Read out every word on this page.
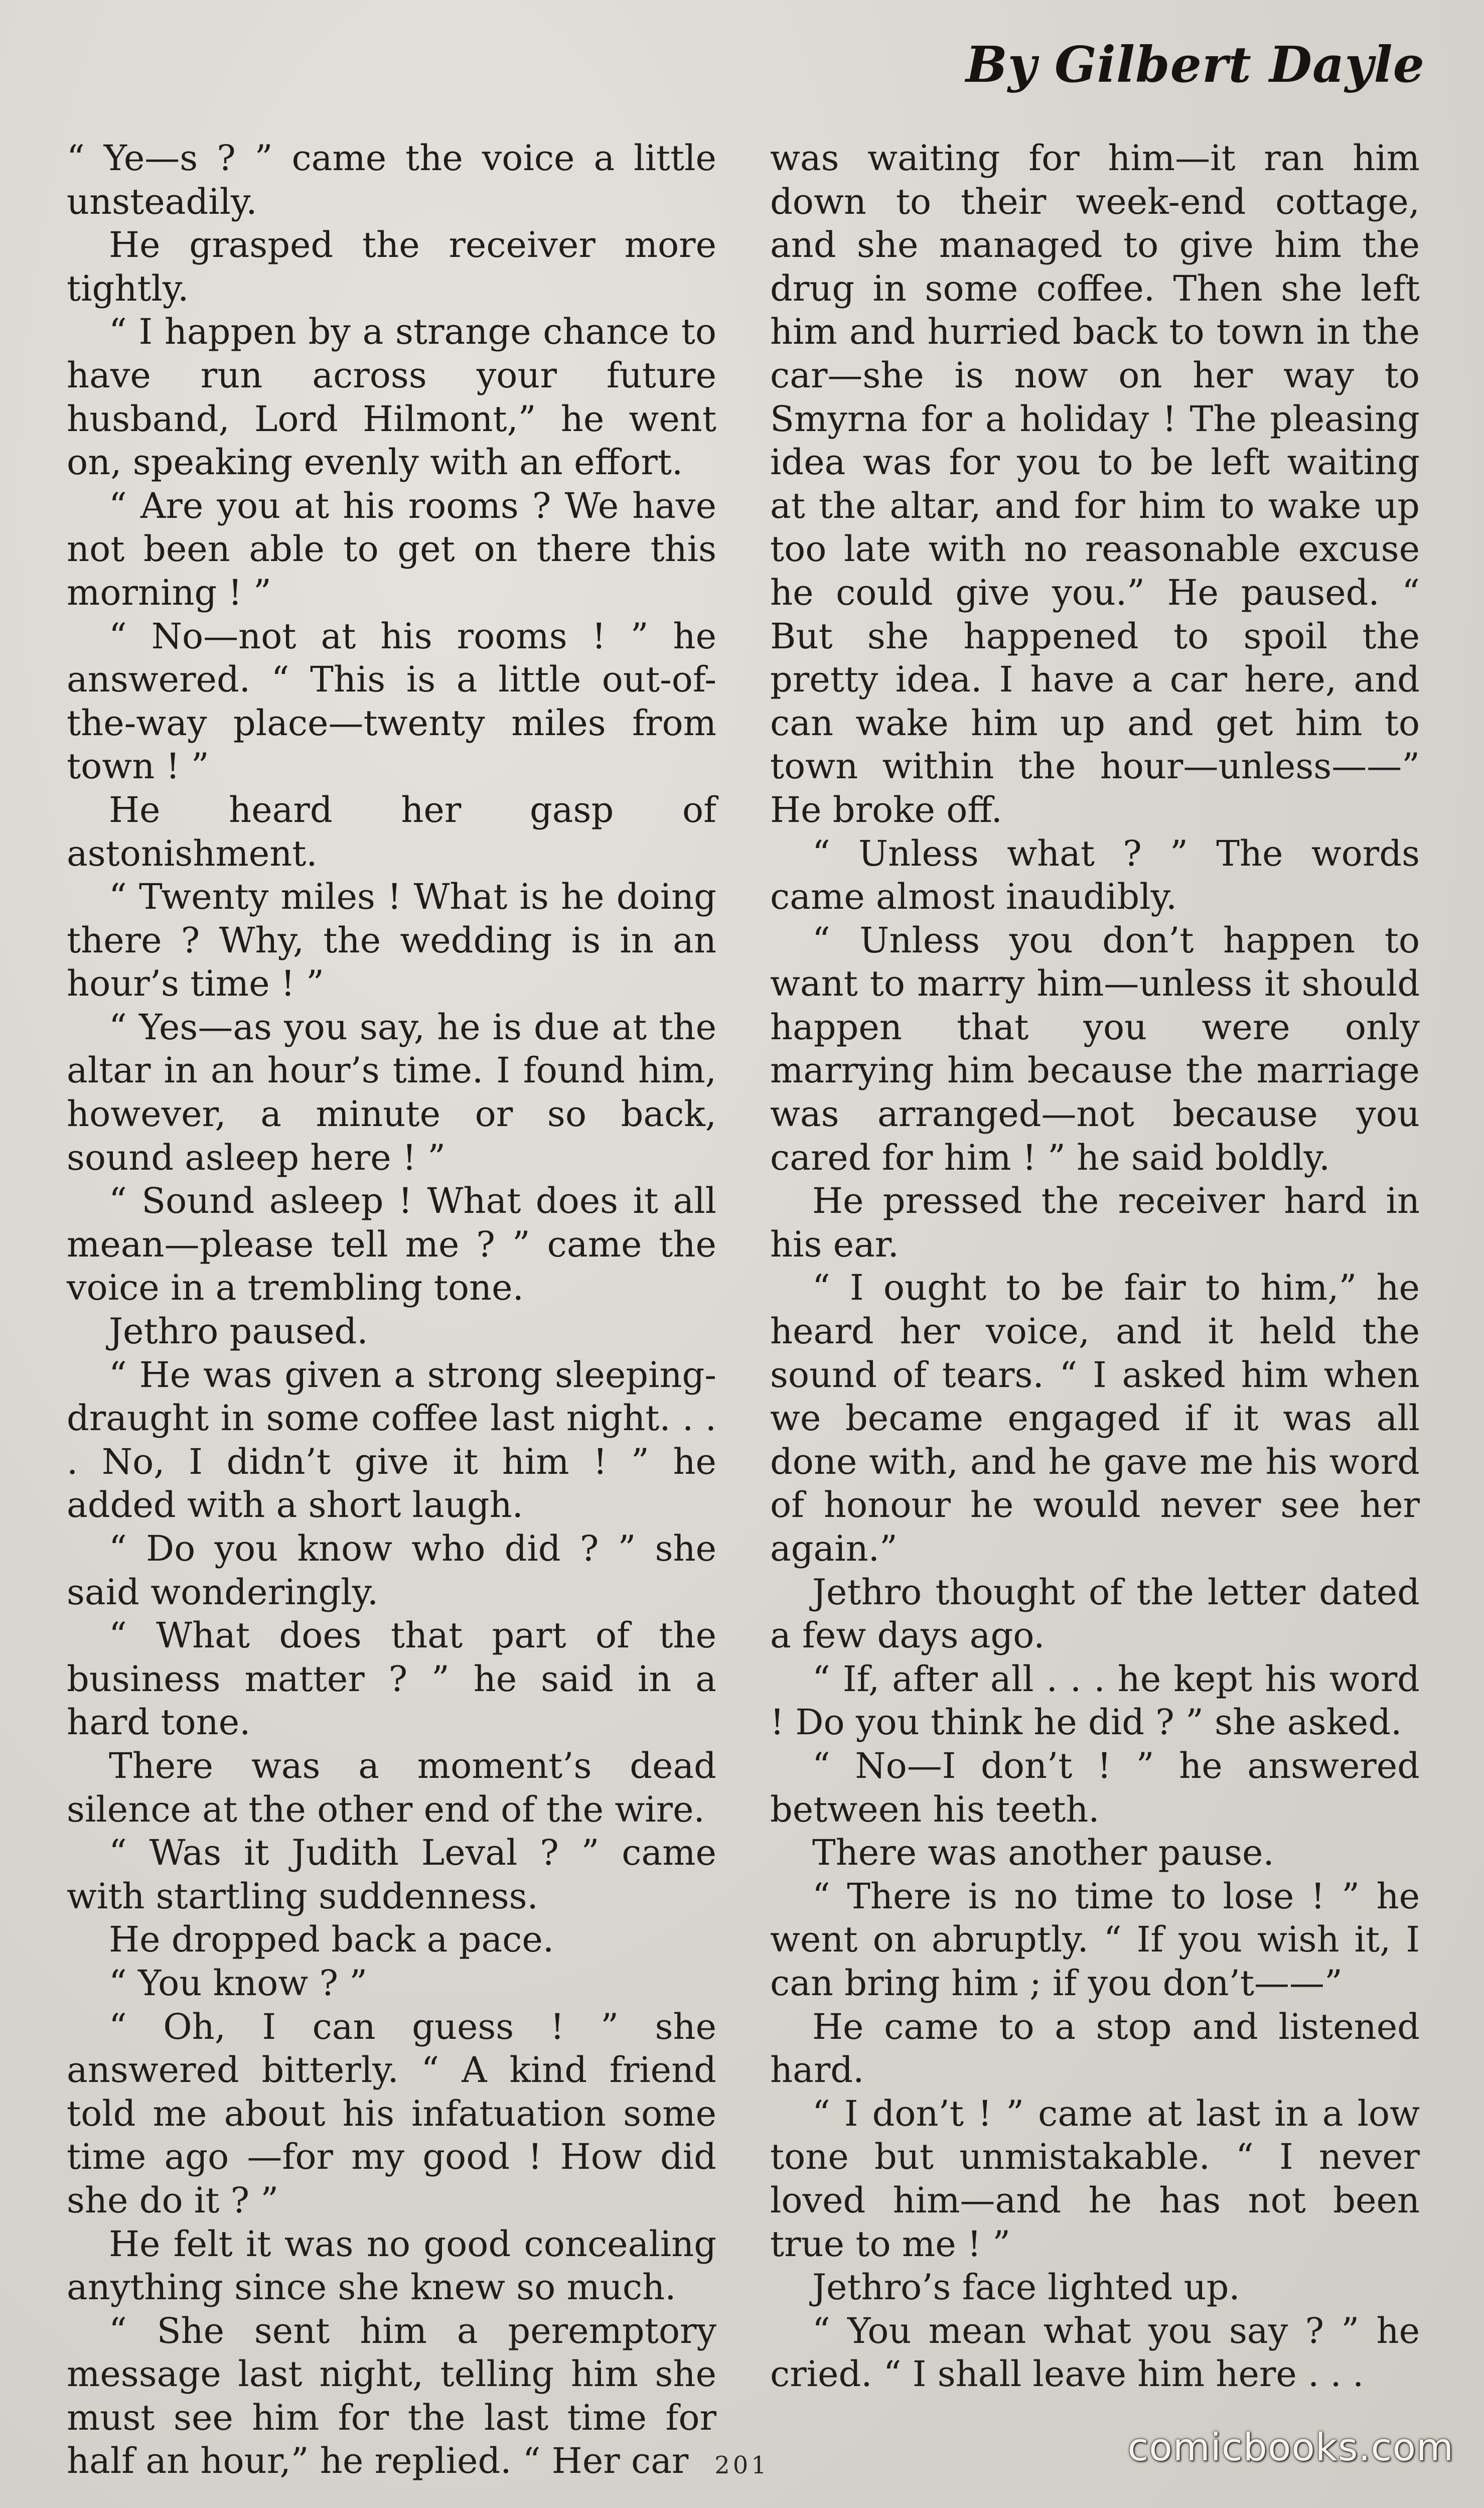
By Gilbert Dayle

“ Ye—s ? ” came the voice a little unsteadily.

He grasped the receiver more tightly.

“ I happen by a strange chance to have run across your future husband, Lord Hilmont,” he went on, speaking evenly with an effort.

“ Are you at his rooms ? We have not been able to get on there this morning ! ”

“ No—not at his rooms ! ” he answered. “ This is a little out-of-the-way place—twenty miles from town ! ”

He heard her gasp of astonishment.

“ Twenty miles ! What is he doing there ? Why, the wedding is in an hour’s time ! ”

“ Yes—as you say, he is due at the altar in an hour’s time. I found him, however, a minute or so back, sound asleep here ! ”

“ Sound asleep ! What does it all mean—please tell me ? ” came the voice in a trembling tone.

Jethro paused.

“ He was given a strong sleeping-draught in some coffee last night. . . . No, I didn’t give it him ! ” he added with a short laugh.

“ Do you know who did ? ” she said wonderingly.

“ What does that part of the business matter ? ” he said in a hard tone.

There was a moment’s dead silence at the other end of the wire.

“ Was it Judith Leval ? ” came with startling suddenness.

He dropped back a pace.

“ You know ? ”

“ Oh, I can guess ! ” she answered bitterly. “ A kind friend told me about his infatuation some time ago —for my good ! How did she do it ? ”

He felt it was no good concealing anything since she knew so much.

“ She sent him a peremptory message last night, telling him she must see him for the last time for half an hour,” he replied. “ Her car

was waiting for him—it ran him down to their week-end cottage, and she managed to give him the drug in some coffee. Then she left him and hurried back to town in the car—she is now on her way to Smyrna for a holiday ! The pleasing idea was for you to be left waiting at the altar, and for him to wake up too late with no reasonable excuse he could give you.” He paused. “ But she happened to spoil the pretty idea. I have a car here, and can wake him up and get him to town within the hour—unless——” He broke off.

“ Unless what ? ” The words came almost inaudibly.

“ Unless you don’t happen to want to marry him—unless it should happen that you were only marrying him because the marriage was arranged—not because you cared for him ! ” he said boldly.

He pressed the receiver hard in his ear.

“ I ought to be fair to him,” he heard her voice, and it held the sound of tears. “ I asked him when we became engaged if it was all done with, and he gave me his word of honour he would never see her again.”

Jethro thought of the letter dated a few days ago.

“ If, after all . . . he kept his word ! Do you think he did ? ” she asked.

“ No—I don’t ! ” he answered between his teeth.

There was another pause.

“ There is no time to lose ! ” he went on abruptly. “ If you wish it, I can bring him ; if you don’t——”

He came to a stop and listened hard.

“ I don’t ! ” came at last in a low tone but unmistakable. “ I never loved him—and he has not been true to me ! ”

Jethro’s face lighted up.

“ You mean what you say ? ” he cried. “ I shall leave him here . . .

201	comicbooks.com
